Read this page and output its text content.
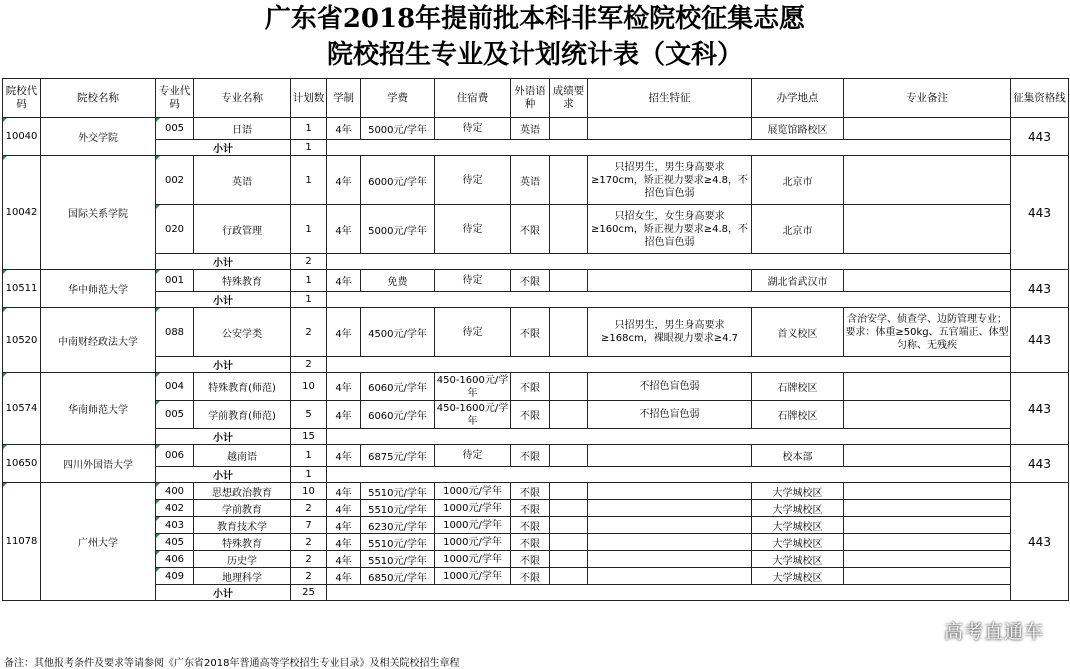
广东省2018年提前批本科非军检院校征集志愿
院校招生专业及计划统计表（文科）
院校代码	院校名称	专业代码	专业名称	计划数	学制	学费	住宿费	外语语种	成绩要求	招生特征	办学地点	专业备注	征集资格线
10040	外交学院	005	日语	1	4年	5000元/学年	待定	英语			展览馆路校区		443
		小计		1									
10042	国际关系学院	002	英语	1	4年	6000元/学年	待定	英语		只招男生，男生身高要求≥170cm，矫正视力要求≥4.8，不招色盲色弱	北京市		443
		020	行政管理	1	4年	5000元/学年	待定	不限		只招女生，女生身高要求≥160cm，矫正视力要求≥4.8，不招色盲色弱	北京市		
		小计		2									
10511	华中师范大学	001	特殊教育	1	4年	免费	待定	不限			湖北省武汉市		443
		小计		1									
10520	中南财经政法大学	088	公安学类	2	4年	4500元/学年	待定	不限		只招男生，男生身高要求≥168cm，裸眼视力要求≥4.7	首义校区	含治安学、侦查学、边防管理专业；要求：体重≥50kg、五官端正、体型匀称、无残疾	443
		小计		2									
10574	华南师范大学	004	特殊教育(师范)	10	4年	6060元/学年	450-1600元/学年	不限		不招色盲色弱	石牌校区		443
		005	学前教育(师范)	5	4年	6060元/学年	450-1600元/学年	不限		不招色盲色弱	石牌校区		
		小计		15									
10650	四川外国语大学	006	越南语	1	4年	6875元/学年	待定	不限			校本部		443
		小计		1									
11078	广州大学	400	思想政治教育	10	4年	5510元/学年	1000元/学年	不限			大学城校区		443
		402	学前教育	2	4年	5510元/学年	1000元/学年	不限			大学城校区		
		403	教育技术学	7	4年	6230元/学年	1000元/学年	不限			大学城校区		
		405	特殊教育	2	4年	5510元/学年	1000元/学年	不限			大学城校区		
		406	历史学	2	4年	5510元/学年	1000元/学年	不限			大学城校区		
		409	地理科学	2	4年	6850元/学年	1000元/学年	不限			大学城校区		
		小计		25									
备注：其他报考条件及要求等请参阅《广东省2018年普通高等学校招生专业目录》及相关院校招生章程
高考直通车
